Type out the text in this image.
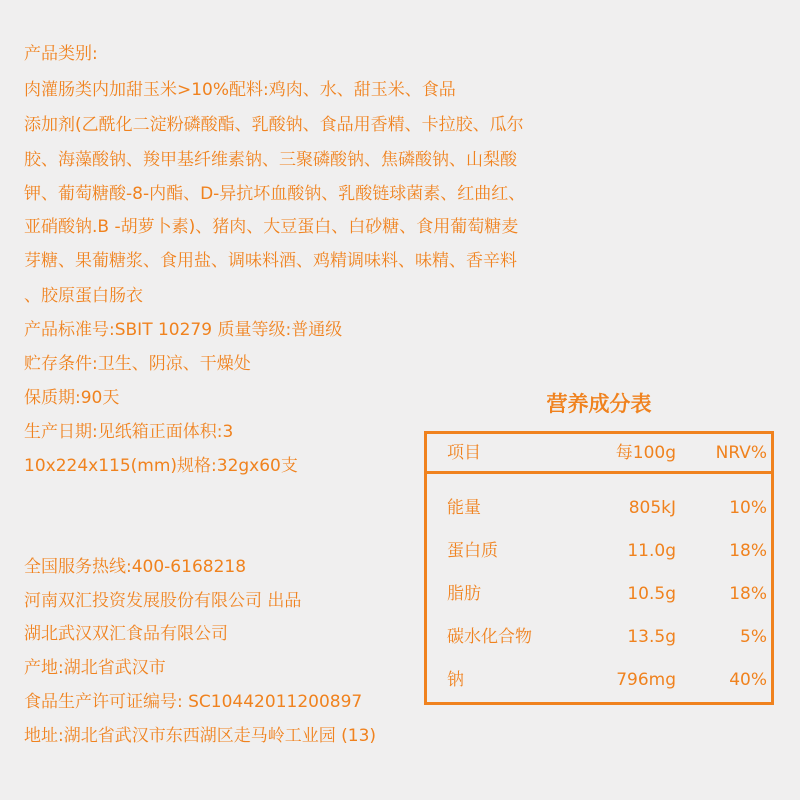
产品类别:
肉灌肠类内加甜玉米>10%配料:鸡肉、水、甜玉米、食品
添加剂(乙酰化二淀粉磷酸酯、乳酸钠、食品用香精、卡拉胶、瓜尔
胶、海藻酸钠、羧甲基纤维素钠、三聚磷酸钠、焦磷酸钠、山梨酸
钾、葡萄糖酸-8-内酯、D-异抗坏血酸钠、乳酸链球菌素、红曲红、
亚硝酸钠.B -胡萝卜素)、猪肉、大豆蛋白、白砂糖、食用葡萄糖麦
芽糖、果葡糖浆、食用盐、调味料酒、鸡精调味料、味精、香辛料
、胶原蛋白肠衣
产品标准号:SBIT 10279 质量等级:普通级
贮存条件:卫生、阴凉、干燥处
保质期:90天
生产日期:见纸箱正面体积:3
10x224x115(mm)规格:32gx60支
全国服务热线:400-6168218
河南双汇投资发展股份有限公司 出品
湖北武汉双汇食品有限公司
产地:湖北省武汉市
食品生产许可证编号: SC10442011200897
地址:湖北省武汉市东西湖区走马岭工业园 (13)
营养成分表
项目	每100g NRV%
能量	805kJ	10%
蛋白质	11.0g	18%
脂肪	10.5g	18%
碳水化合物	13.5g	5%
钠	796mg	40%
